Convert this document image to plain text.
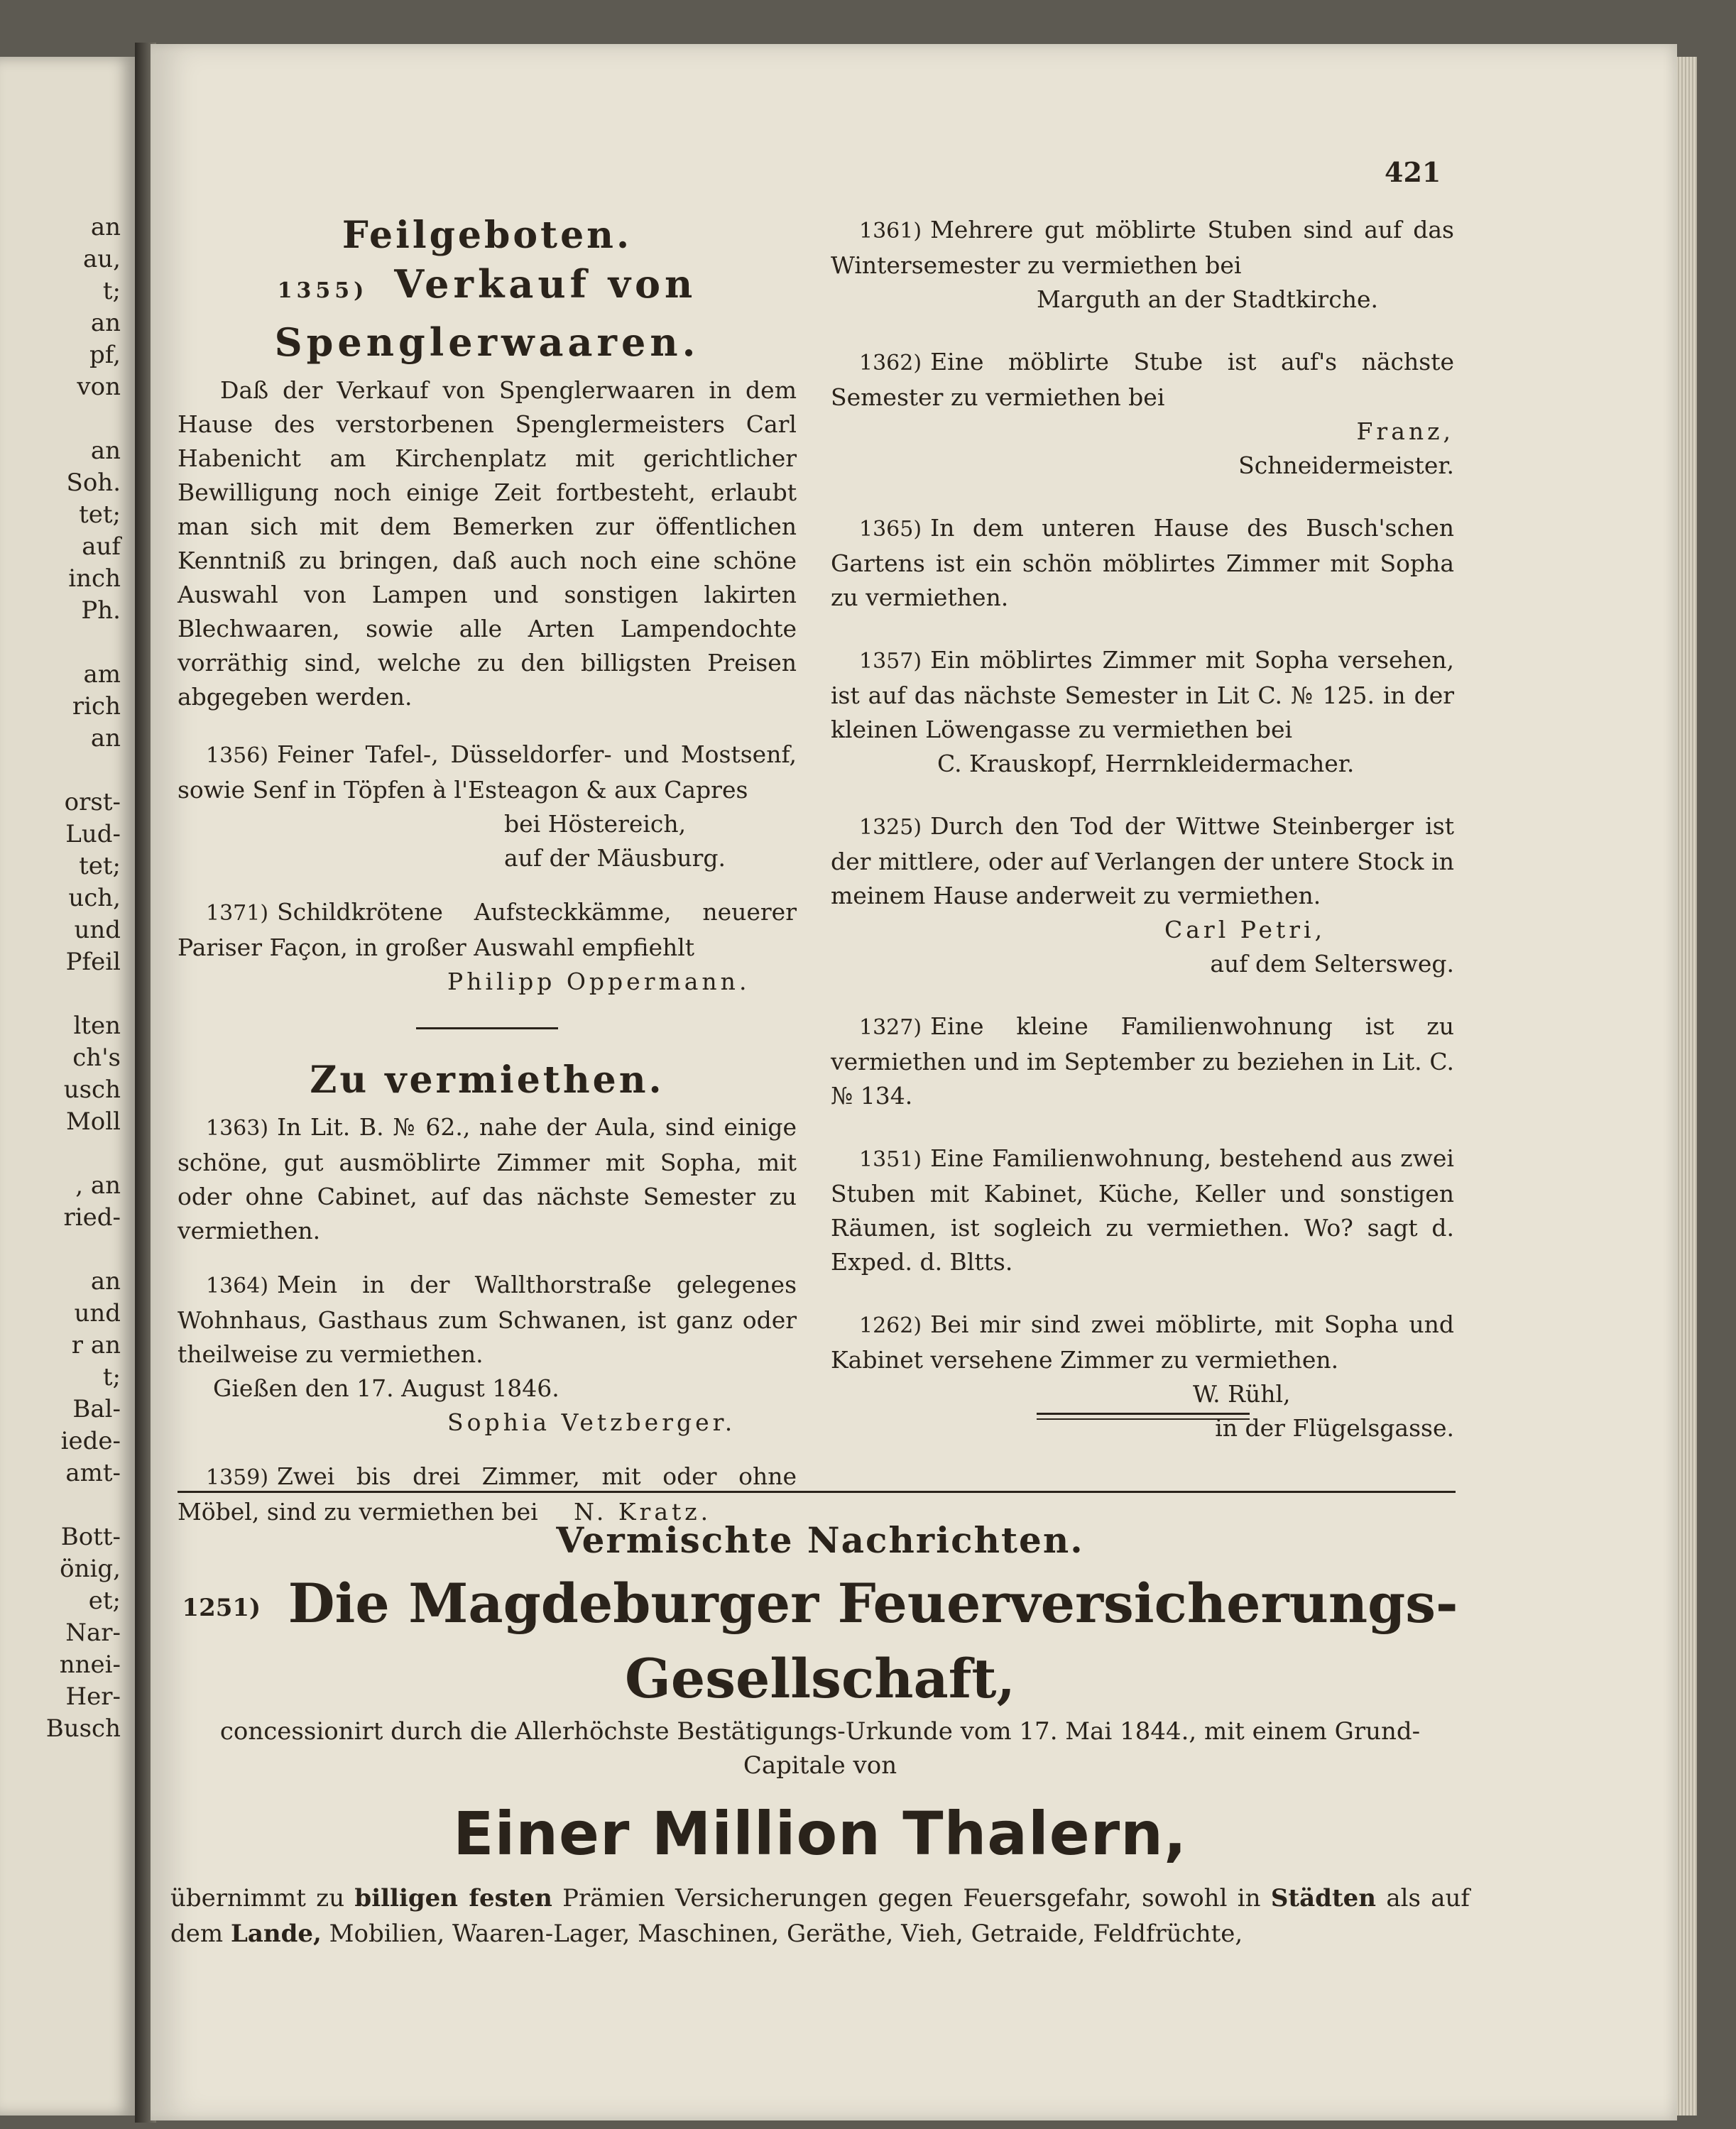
an
au,
t;
an
pf,
von
an
Soh.
tet;
auf
inch
Ph.
am
rich
an
orst-
Lud-
tet;
uch,
und
Pfeil
lten
ch's
usch
Moll
, an
ried-
an
und
r an
t;
Bal-
iede-
amt-
Bott-
önig,
et;
Nar-
nnei-
Her-
Busch
421
Feilgeboten.
1355) Verkauf von
Spenglerwaaren.

Daß der Verkauf von Spenglerwaaren in dem Hause des verstorbenen Spenglermeisters Carl Habenicht am Kirchenplatz mit gerichtlicher Bewilligung noch einige Zeit fortbesteht, erlaubt man sich mit dem Bemerken zur öffentlichen Kenntniß zu bringen, daß auch noch eine schöne Auswahl von Lampen und sonstigen lakirten Blechwaaren, sowie alle Arten Lampendochte vorräthig sind, welche zu den billigsten Preisen abgegeben werden.

1356) Feiner Tafel-, Düsseldorfer- und Mostsenf, sowie Senf in Töpfen à l'Esteagon & aux Capres

bei Höstereich,

auf der Mäusburg.

1371) Schildkrötene Aufsteckkämme, neuerer Pariser Façon, in großer Auswahl empfiehlt

Philipp Oppermann.

Zu vermiethen.

1363) In Lit. B. № 62., nahe der Aula, sind einige schöne, gut ausmöblirte Zimmer mit Sopha, mit oder ohne Cabinet, auf das nächste Semester zu vermiethen.

1364) Mein in der Wallthorstraße gelegenes Wohnhaus, Gasthaus zum Schwanen, ist ganz oder theilweise zu vermiethen.

Gießen den 17. August 1846.

Sophia Vetzberger.

1359) Zwei bis drei Zimmer, mit oder ohne Möbel, sind zu vermiethen bei N. Kratz.

1361) Mehrere gut möblirte Stuben sind auf das Wintersemester zu vermiethen bei

Marguth an der Stadtkirche.

1362) Eine möblirte Stube ist auf's nächste Semester zu vermiethen bei

Franz,

Schneidermeister.

1365) In dem unteren Hause des Busch'schen Gartens ist ein schön möblirtes Zimmer mit Sopha zu vermiethen.

1357) Ein möblirtes Zimmer mit Sopha versehen, ist auf das nächste Semester in Lit C. № 125. in der kleinen Löwengasse zu vermiethen bei

C. Krauskopf, Herrnkleidermacher.

1325) Durch den Tod der Wittwe Steinberger ist der mittlere, oder auf Verlangen der untere Stock in meinem Hause anderweit zu vermiethen.

Carl Petri,

auf dem Seltersweg.

1327) Eine kleine Familienwohnung ist zu vermiethen und im September zu beziehen in Lit. C. № 134.

1351) Eine Familienwohnung, bestehend aus zwei Stuben mit Kabinet, Küche, Keller und sonstigen Räumen, ist sogleich zu vermiethen. Wo? sagt d. Exped. d. Bltts.

1262) Bei mir sind zwei möblirte, mit Sopha und Kabinet versehene Zimmer zu vermiethen.

W. Rühl,

in der Flügelsgasse.

Vermischte Nachrichten.
1251) Die Magdeburger Feuerversicherungs-Gesellschaft,
concessionirt durch die Allerhöchste Bestätigungs-Urkunde vom 17. Mai 1844., mit einem Grund-Capitale von
Einer Million Thalern,
übernimmt zu billigen festen Prämien Versicherungen gegen Feuersgefahr, sowohl in Städten als auf dem Lande, Mobilien, Waaren-Lager, Maschinen, Geräthe, Vieh, Getraide, Feldfrüchte,
